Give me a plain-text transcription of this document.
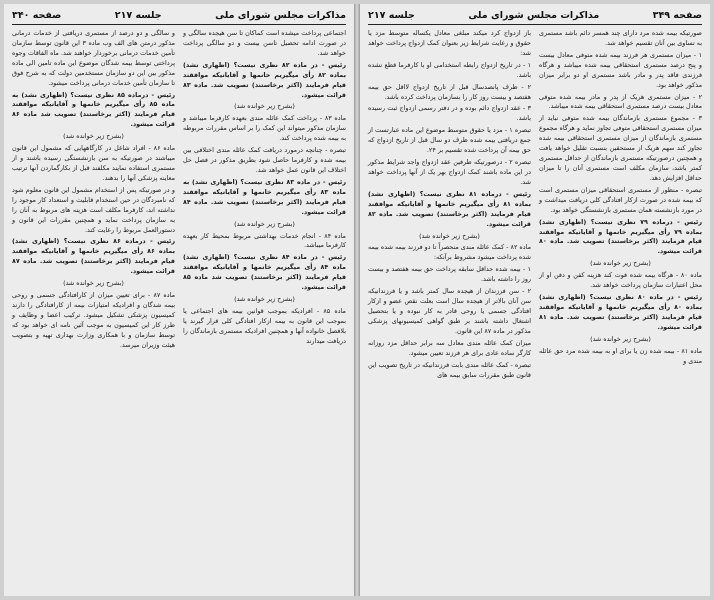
مذاکرات مجلس شورای ملی
جلسه ۲۱۷
صفحه ۳۴۰

اجتماعی پرداخت میشده است کماکان تا سن هیجده سالگی و در صورت ادامه تحصیل تاسن بیست و دو سالگی پرداخت خواهد شد.

رئیس - در ماده ۸۲ نظری نیست؟ (اظهاری نشد) بماده ۸۲ رأی میگیریم خانمها و آقایانیکه موافقند قیام فرمایند (اکثر برخاستند) تصویب شد. ماده ۸۳ قرائت میشود.

(بشرح زیر خوانده شد)

ماده ۸۳ - پرداخت کمک عائله مندی بعهده کارفرما میباشد و سازمان مذکور میتواند این کمک را بر اساس مقررات مربوطه به بیمه شده پرداخت کند.

تبصره - چنانچه درمورد دریافت کمک عائله مندی اختلافی بین بیمه شده و کارفرما حاصل شود بطریق مذکور در فصل حل اختلاف این قانون عمل خواهد شد.

رئیس - در ماده ۸۳ نظری نیست؟ (اظهاری نشد) به ماده ۸۳ رأی میگیریم خانمها و آقایانیکه موافقند قیام فرمایند (اکثر برخاستند) تصویب شد. ماده ۸۴ قرائت میشود.

(بشرح زیر خوانده شد)

ماده ۸۴ - انجام خدمات بهداشتی مربوط بمحیط کار بعهده کارفرما میباشد.

رئیس - در ماده ۸۴ نظری نیست؟ (اظهاری نشد) ماده ۸۴ رأی میگیریم خانمها و آقایانیکه موافقند قیام فرمایند (اکثر برخاستند) تصویب شد ماده ۸۵ قرائت میشود.

(بشرح زیر خوانده شد)

ماده ۸۵ - افرادیکه بموجب قوانین بیمه های اجتماعی یا بموجب این قانون به بیمه ازکار افتادگی کلی قرار گیرند یا بلافصل خانواده آنها و همچنین افرادیکه مستمری بازماندگان را دریافت میدارند

و سالگی و دو درصد از مستمری دریافتی از خدمات درمانی مذکور درمتن های الف وب ماده ۳ این قانون توسط سازمان تأمین خدمات درمانی برخوردار خواهند شد. ماه الفاقات وجوه پرداختی توسط بیمه شدگان موضوع این ماده تامین الی ماده مذکور بین این دو سازمان مستخدمین دولت که به شرح فوق تا سازمان تأمین خدمات درمانی پرداخت میشود.

رئیس - درماده ۸۵ نظری نیست؟ (اظهاری نشد) به ماده ۸۵ رأی میگیریم خانمها و آقایانیکه موافقند قیام فرمایند (اکثر برخاستند) تصویب شد ماده ۸۶ قرائت میشود.

(بشرح زیر خوانده شد)

ماده ۸۶ - افراد شاغل در کارگاههایی که مشمول این قانون میباشند در صورتیکه به سن بازنشستگی رسیده باشند و از مستمری استفاده نمایند مکلفند قبل از بکارگماردن آنها ترتیب معاینه پزشکی آنها را بدهند.

و در صورتیکه پس از استخدام مشمول این قانون معلوم شود که نامبردگان در حین استخدام قابلیت و استعداد کار موجود را نداشته اند، کارفرما مکلف است هزینه های مربوط به آنان را به سازمان پرداخت نماید و همچنین مقررات این قانون و دستورالعمل مربوط را رعایت کند.

رئیس - درماده ۸۶ نظری نیست؟ (اظهاری نشد) بماده ۸۶ رأی میگیریم خانمها و آقایانیکه موافقند قیام فرمایند (اکثر برخاستند) تصویب شد. ماده ۸۷ قرائت میشود.

(بشرح زیر خوانده شد)

ماده ۸۷ - برای تعیین میزان از کارافتادگی جسمی و روحی بیمه شدگان و افرادیکه امتیازات بیمه از کارافتادگی را دارند کمیسیون پزشکی تشکیل میشود. ترکیب اعضا و وظایف و طرز کار این کمیسیون به موجب آئین نامه ای خواهد بود که توسط سازمان و با همکاری وزارت بهداری تهیه و بتصویب هیئت وزیران میرسد.

صفحه ۳۴۹
مذاکرات مجلس شورای ملی
جلسه ۲۱۷

صورتیکه بیمه شده مرد دارای چند همسر دائم باشد مستمری به تساوی بین آنان تقسیم خواهد شد.

۱ - میزان مستمری هر فرزند بیمه شده متوفی معادل بیست و پنج درصد مستمری استحقاقی بیمه شده میباشد و هرگاه فرزندی فاقد پدر و مادر باشد مستمری او دو برابر میزان مذکور خواهد بود.

۲ - میزان مستمری هریک از پدر و مادر بیمه شده متوفی معادل بیست درصد مستمری استحقاقی بیمه شده میباشد.

۳ - مجموع مستمری بازماندگان بیمه شده متوفی نباید از میزان مستمری استحقاقی متوفی تجاوز نماید و هرگاه مجموع مستمری بازماندگان از میزان مستمری استحقاقی بیمه شده تجاوز کند سهم هریک از مستحقین بنسبت تقلیل خواهد یافت و همچنین درصورتیکه مستمری بازماندگان از حداقل مستمری کمتر باشد، سازمان مکلف است مستمری آنان را تا میزان حداقل افزایش دهد.

تبصره - منظور از مستمری استحقاقی میزان مستمری است که بیمه شده در صورت ازکار افتادگی کلی دریافت میداشت و در مورد بازنشسته همان مستمری بازنشستگی خواهد بود.

رئیس - درماده ۷۹ نظری نیست؟ (اظهاری نشد) بماده ۷۹ رأی میگیریم خانمها و آقایانیکه موافقند قیام فرمایند (اکثر برخاستند) تصویب شد. ماده ۸۰ قرائت میشود.

(بشرح زیر خوانده شد)

ماده ۸۰ - هرگاه بیمه شده فوت کند هزینه کفن و دفن او از محل اعتبارات سازمان پرداخت خواهد شد.

رئیس - در ماده ۸۰ نظری نیست؟ (اظهاری نشد) بماده ۸۰ رأی میگیریم خانمها و آقایانیکه موافقند قیام فرمایند (اکثر برخاستند) تصویب شد. ماده ۸۱ قرائت میشود.

(بشرح زیر خوانده شد)

ماده ۸۱ - بیمه شده زن یا برای او به بیمه شده مرد حق عائله مندی و

باز ازدواج کرد میکند مبلغی معادل یکساله متوسط مزد یا حقوق و رعایت شرایط زیر بعنوان کمک ازدواج پرداخت خواهد شد:

۱ - در تاریخ ازدواج رابطه استخدامی او با کارفرما قطع نشده باشد.

۲ - ظرف پانصدسال قبل از تاریخ ازدواج لااقل حق بیمه هفتصد و بیست روز کار را بسازمان پرداخت کرده باشد.

۳ - عقد ازدواج دائم بوده و در دفتر رسمی ازدواج ثبت رسیده باشد.

تبصره ۱ - مزد یا حقوق متوسط موضوع این ماده عبارتست از جمع دریافتی بیمه شده ظرف دو سال قبل از تاریخ ازدواج که حق بیمه آن پرداخت شده تقسیم بر ۲۴.

تبصره ۲ - درصورتیکه طرفین عقد ازدواج واجد شرایط مذکور در این ماده باشند کمک ازدواج بهر یک از آنها پرداخت خواهد شد.

رئیس - درماده ۸۱ نظری نیست؟ (اظهاری نشد) بماده ۸۱ رأی میگیریم خانمها و آقایانیکه موافقند قیام فرمایند (اکثر برخاستند) تصویب شد. ماده ۸۲ قرائت میشود.

(بشرح زیر خوانده شد)

ماده ۸۲ - کمک عائله مندی منحصراً تا دو فرزند بیمه شده بیمه شده پرداخت میشود مشروط برآنکه:

۱ - بیمه شده حداقل سابقه پرداخت حق بیمه هفتصد و بیست روز را داشته باشد.

۲ - سن فرزندان از هیجده سال کمتر باشد و یا فرزندانیکه سن آنان بالاتر از هیجده سال است بعلت نقص عضو و ازکار افتادگی جسمی یا روحی قادر به کار نبوده و یا بتحصیل اشتغال داشته باشند بر طبق گواهی کمیسیونهای پزشکی مذکور در ماده ۸۷ این قانون.

میزان کمک عائله مندی معادل سه برابر حداقل مزد روزانه کارگر ساده عادی برای هر فرزند تعیین میشود.

تبصره - کمک عائله مندی بابت فرزندانیکه در تاریخ تصویب این قانون طبق مقررات سابق بیمه های
